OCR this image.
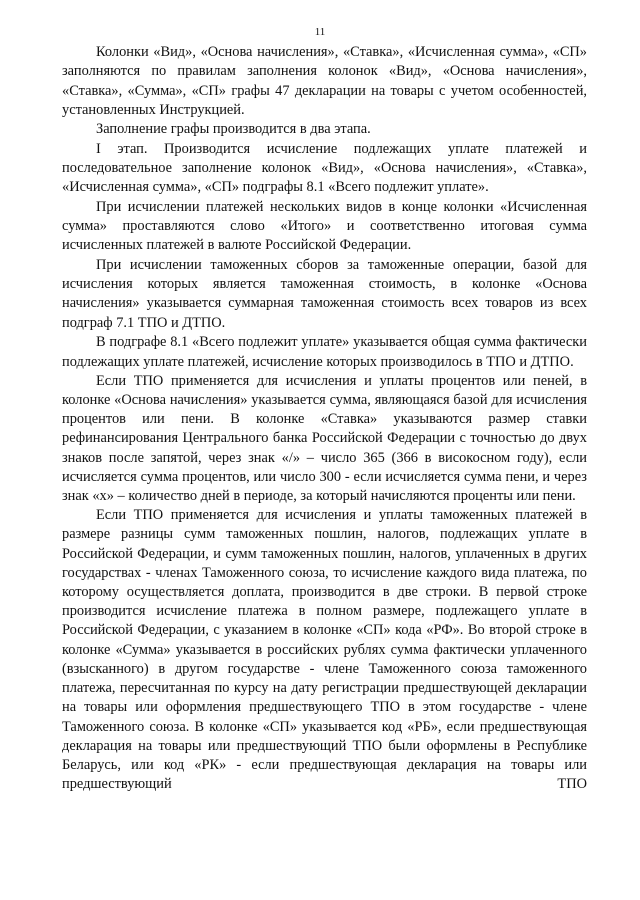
11

Колонки «Вид», «Основа начисления», «Ставка», «Исчисленная сумма», «СП» заполняются по правилам заполнения колонок «Вид», «Основа начисления», «Ставка», «Сумма», «СП» графы 47 декларации на товары с учетом особенностей, установленных Инструкцией.

Заполнение графы производится в два этапа.

I этап. Производится исчисление подлежащих уплате платежей и последовательное заполнение колонок «Вид», «Основа начисления», «Ставка», «Исчисленная сумма», «СП» подграфы 8.1 «Всего подлежит уплате».

При исчислении платежей нескольких видов в конце колонки «Исчисленная сумма» проставляются слово «Итого» и соответственно итоговая сумма исчисленных платежей в валюте Российской Федерации.

При исчислении таможенных сборов за таможенные операции, базой для исчисления которых является таможенная стоимость, в колонке «Основа начисления» указывается суммарная таможенная стоимость всех товаров из всех подграф 7.1 ТПО и ДТПО.

В подграфе 8.1 «Всего подлежит уплате» указывается общая сумма фактически подлежащих уплате платежей, исчисление которых производилось в ТПО и ДТПО.

Если ТПО применяется для исчисления и уплаты процентов или пеней, в колонке «Основа начисления» указывается сумма, являющаяся базой для исчисления процентов или пени. В колонке «Ставка» указываются размер ставки рефинансирования Центрального банка Российской Федерации с точностью до двух знаков после запятой, через знак «/» – число 365 (366 в високосном году), если исчисляется сумма процентов, или число 300 - если исчисляется сумма пени, и через знак «х» – количество дней в периоде, за который начисляются проценты или пени.

Если ТПО применяется для исчисления и уплаты таможенных платежей в размере разницы сумм таможенных пошлин, налогов, подлежащих уплате в Российской Федерации, и сумм таможенных пошлин, налогов, уплаченных в других государствах - членах Таможенного союза, то исчисление каждого вида платежа, по которому осуществляется доплата, производится в две строки. В первой строке производится исчисление платежа в полном размере, подлежащего уплате в Российской Федерации, с указанием в колонке «СП» кода «РФ». Во второй строке в колонке «Сумма» указывается в российских рублях сумма фактически уплаченного (взысканного) в другом государстве - члене Таможенного союза таможенного платежа, пересчитанная по курсу на дату регистрации предшествующей декларации на товары или оформления предшествующего ТПО в этом государстве - члене Таможенного союза. В колонке «СП» указывается код «РБ», если предшествующая декларация на товары или предшествующий ТПО были оформлены в Республике Беларусь, или код «РК» - если предшествующая декларация на товары или предшествующий ТПО
